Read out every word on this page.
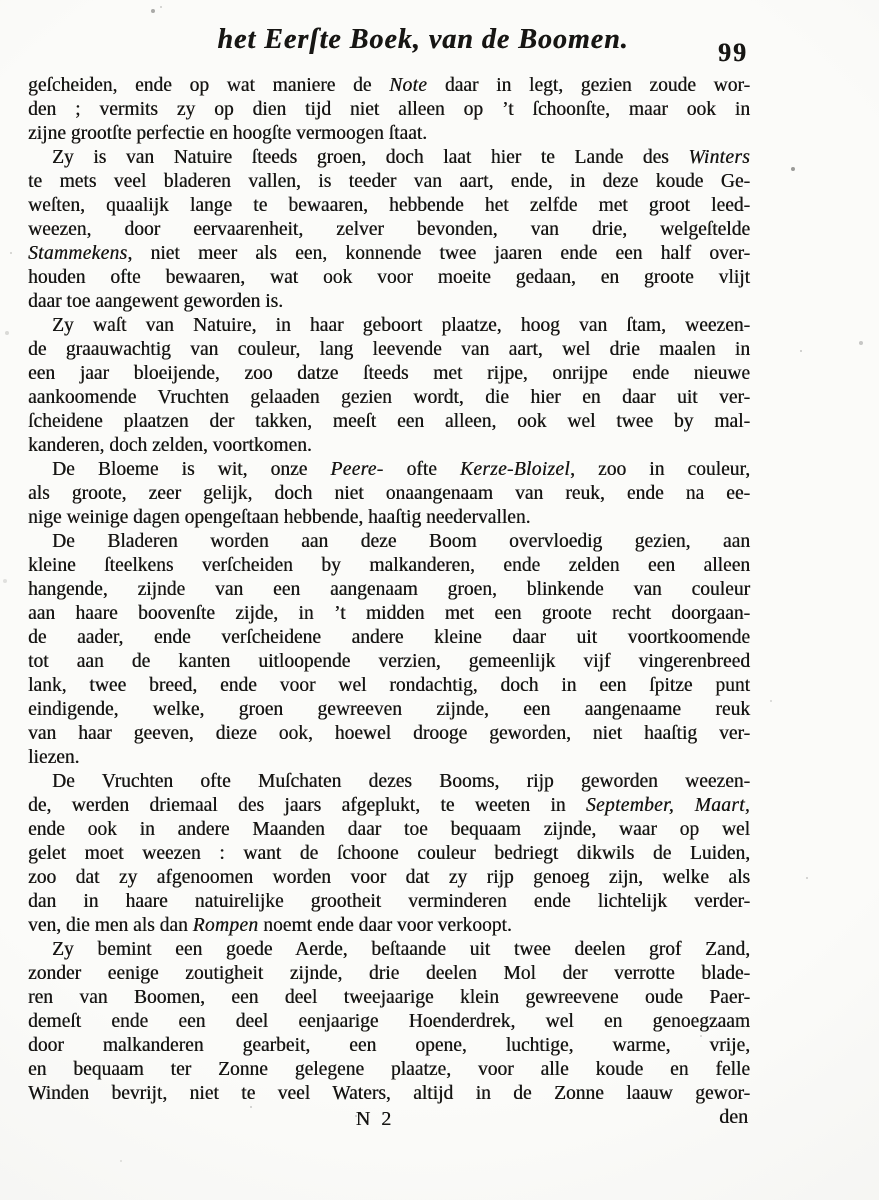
het Eerſte Boek, van de Boomen.	99
geſcheiden, ende op wat maniere de Note daar in legt, gezien zoude wor-
den ; vermits zy op dien tijd niet alleen op ’t ſchoonſte, maar ook in
zijne grootſte perfectie en hoogſte vermoogen ſtaat.
Zy is van Natuire ſteeds groen, doch laat hier te Lande des Winters
te mets veel bladeren vallen, is teeder van aart, ende, in deze koude Ge-
weſten, quaalijk lange te bewaaren, hebbende het zelfde met groot leed-
weezen, door eervaarenheit, zelver bevonden, van drie, welgeſtelde
Stammekens, niet meer als een, konnende twee jaaren ende een half over-
houden ofte bewaaren, wat ook voor moeite gedaan, en groote vlijt
daar toe aangewent geworden is.
Zy waſt van Natuire, in haar geboort plaatze, hoog van ſtam, weezen-
de graauwachtig van couleur, lang leevende van aart, wel drie maalen in
een jaar bloeijende, zoo datze ſteeds met rijpe, onrijpe ende nieuwe
aankoomende Vruchten gelaaden gezien wordt, die hier en daar uit ver-
ſcheidene plaatzen der takken, meeſt een alleen, ook wel twee by mal-
kanderen, doch zelden, voortkomen.
De Bloeme is wit, onze Peere- ofte Kerze-Bloizel, zoo in couleur,
als groote, zeer gelijk, doch niet onaangenaam van reuk, ende na ee-
nige weinige dagen opengeſtaan hebbende, haaſtig needervallen.
De Bladeren worden aan deze Boom overvloedig gezien, aan
kleine ſteelkens verſcheiden by malkanderen, ende zelden een alleen
hangende, zijnde van een aangenaam groen, blinkende van couleur
aan haare boovenſte zijde, in ’t midden met een groote recht doorgaan-
de aader, ende verſcheidene andere kleine daar uit voortkoomende
tot aan de kanten uitloopende verzien, gemeenlijk vijf vingerenbreed
lank, twee breed, ende voor wel rondachtig, doch in een ſpitze punt
eindigende, welke, groen gewreeven zijnde, een aangenaame reuk
van haar geeven, dieze ook, hoewel drooge geworden, niet haaſtig ver-
liezen.
De Vruchten ofte Muſchaten dezes Booms, rijp geworden weezen-
de, werden driemaal des jaars afgeplukt, te weeten in September, Maart,
ende ook in andere Maanden daar toe bequaam zijnde, waar op wel
gelet moet weezen : want de ſchoone couleur bedriegt dikwils de Luiden,
zoo dat zy afgenoomen worden voor dat zy rijp genoeg zijn, welke als
dan in haare natuirelijke grootheit verminderen ende lichtelijk verder-
ven, die men als dan Rompen noemt ende daar voor verkoopt.
Zy bemint een goede Aerde, beſtaande uit twee deelen grof Zand,
zonder eenige zoutigheit zijnde, drie deelen Mol der verrotte blade-
ren van Boomen, een deel tweejaarige klein gewreevene oude Paer-
demeſt ende een deel eenjaarige Hoenderdrek, wel en genoegzaam
door malkanderen gearbeit, een opene, luchtige, warme, vrije,
en bequaam ter Zonne gelegene plaatze, voor alle koude en felle
Winden bevrijt, niet te veel Waters, altijd in de Zonne laauw gewor-
N 2	den
